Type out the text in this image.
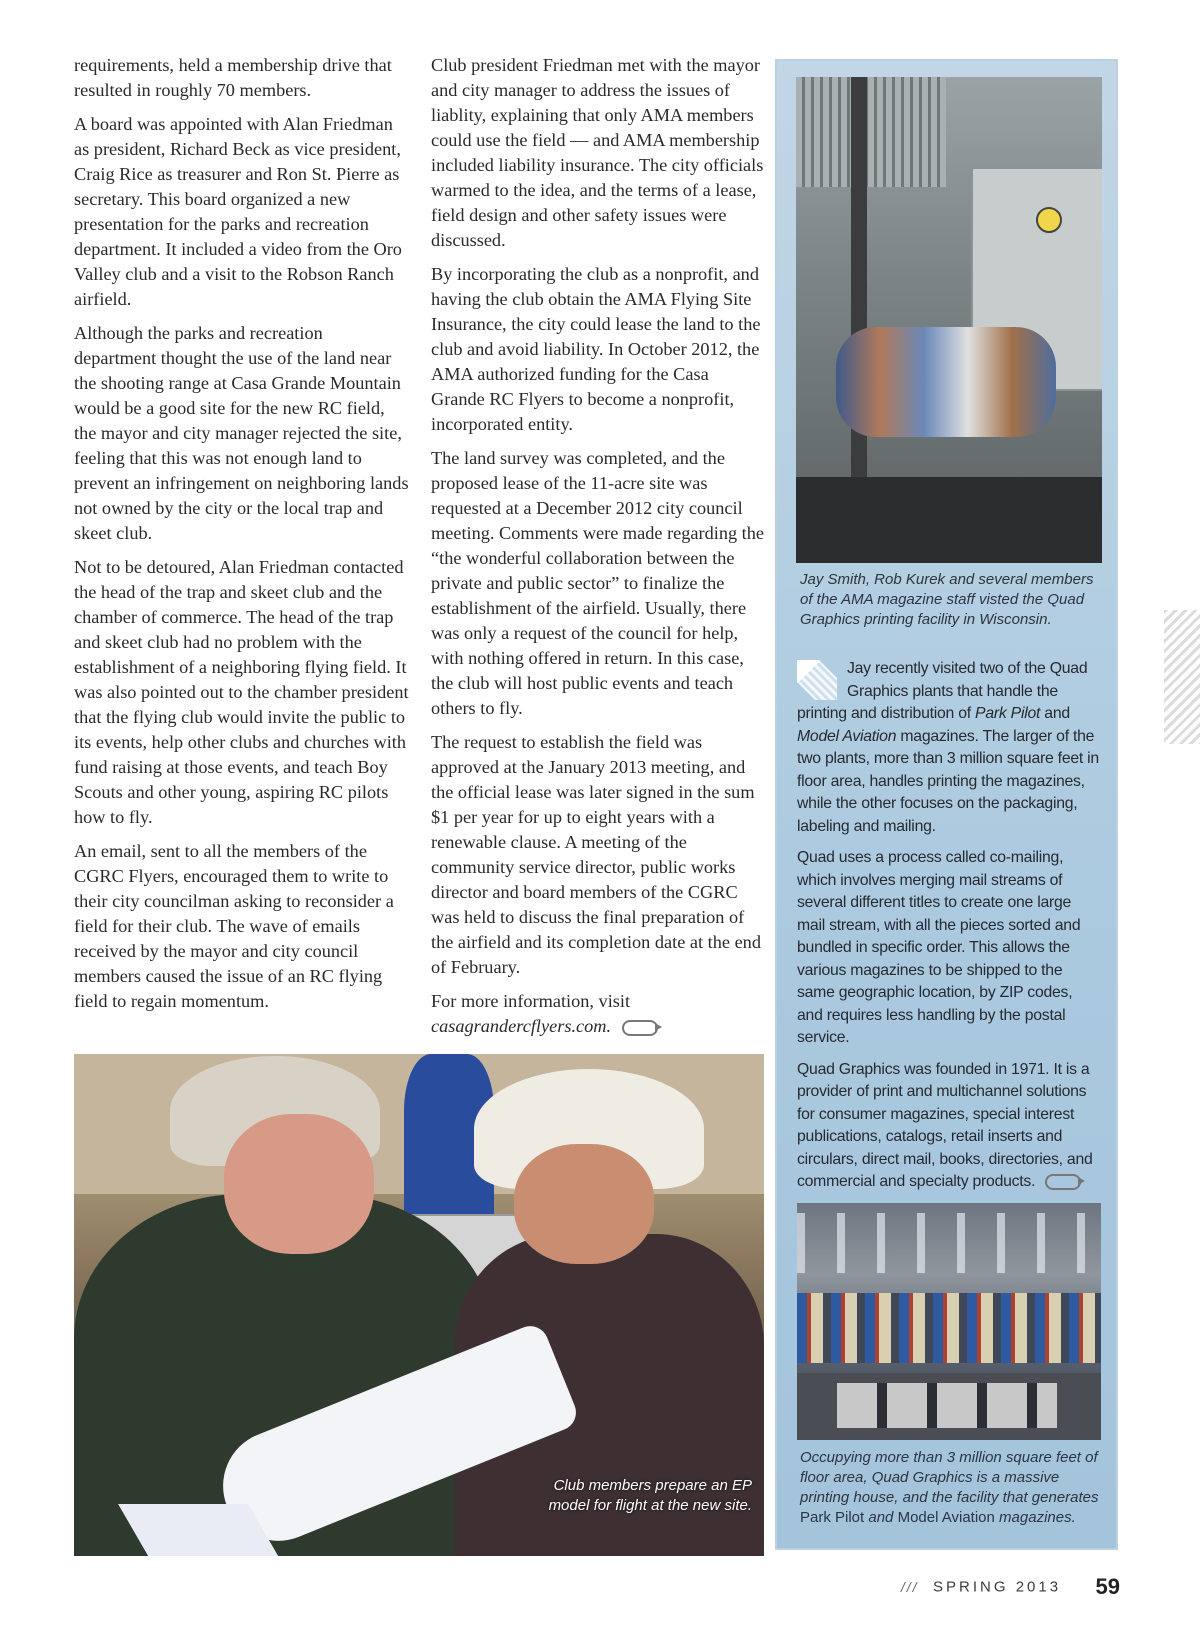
requirements, held a membership drive that resulted in roughly 70 members.

A board was appointed with Alan Friedman as president, Richard Beck as vice president, Craig Rice as treasurer and Ron St. Pierre as secretary. This board organized a new presentation for the parks and recreation department. It included a video from the Oro Valley club and a visit to the Robson Ranch airfield.

Although the parks and recreation department thought the use of the land near the shooting range at Casa Grande Mountain would be a good site for the new RC field, the mayor and city manager rejected the site, feeling that this was not enough land to prevent an infringement on neighboring lands not owned by the city or the local trap and skeet club.

Not to be detoured, Alan Friedman contacted the head of the trap and skeet club and the chamber of commerce. The head of the trap and skeet club had no problem with the establishment of a neighboring flying field. It was also pointed out to the chamber president that the flying club would invite the public to its events, help other clubs and churches with fund raising at those events, and teach Boy Scouts and other young, aspiring RC pilots how to fly.

An email, sent to all the members of the CGRC Flyers, encouraged them to write to their city councilman asking to reconsider a field for their club. The wave of emails received by the mayor and city council members caused the issue of an RC flying field to regain momentum.

Club president Friedman met with the mayor and city manager to address the issues of liablity, explaining that only AMA members could use the field — and AMA membership included liability insurance. The city officials warmed to the idea, and the terms of a lease, field design and other safety issues were discussed.

By incorporating the club as a nonprofit, and having the club obtain the AMA Flying Site Insurance, the city could lease the land to the club and avoid liability. In October 2012, the AMA authorized funding for the Casa Grande RC Flyers to become a nonprofit, incorporated entity.

The land survey was completed, and the proposed lease of the 11-acre site was requested at a December 2012 city council meeting. Comments were made regarding the “the wonderful collaboration between the private and public sector” to finalize the establishment of the airfield. Usually, there was only a request of the council for help, with nothing offered in return. In this case, the club will host public events and teach others to fly.

The request to establish the field was approved at the January 2013 meeting, and the official lease was later signed in the sum $1 per year for up to eight years with a renewable clause. A meeting of the community service director, public works director and board members of the CGRC was held to discuss the final preparation of the airfield and its completion date at the end of February.

For more information, visit
casagrandercflyers.com.

Club members prepare an EP model for flight at the new site.
Jay Smith, Rob Kurek and several members of the AMA magazine staff visted the Quad Graphics printing facility in Wisconsin.

Jay recently visited two of the Quad Graphics plants that handle the printing and distribution of Park Pilot and Model Aviation magazines. The larger of the two plants, more than 3 million square feet in floor area, handles printing the magazines, while the other focuses on the packaging, labeling and mailing.

Quad uses a process called co-mailing, which involves merging mail streams of several different titles to create one large mail stream, with all the pieces sorted and bundled in specific order. This allows the various magazines to be shipped to the same geographic location, by ZIP codes, and requires less handling by the postal service.

Quad Graphics was founded in 1971. It is a provider of print and multichannel solutions for consumer magazines, special interest publications, catalogs, retail inserts and circulars, direct mail, books, directories, and commercial and specialty products.

Occupying more than 3 million square feet of floor area, Quad Graphics is a massive printing house, and the facility that generates Park Pilot and Model Aviation magazines.
/// SPRING 2013 59
